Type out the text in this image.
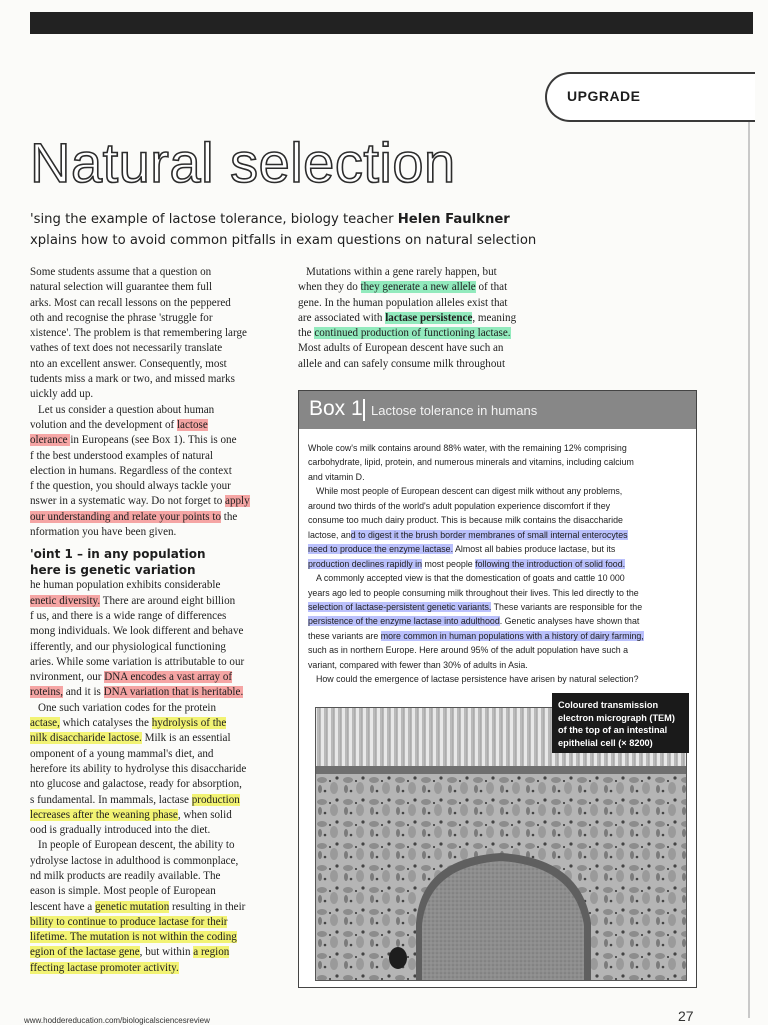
UPGRADE
Natural selection
'sing the example of lactose tolerance, biology teacher Helen Faulkner
xplains how to avoid common pitfalls in exam questions on natural selection

Some students assume that a question on

natural selection will guarantee them full

arks. Most can recall lessons on the peppered

oth and recognise the phrase 'struggle for

xistence'. The problem is that remembering large

vathes of text does not necessarily translate

nto an excellent answer. Consequently, most

tudents miss a mark or two, and missed marks

uickly add up.

Let us consider a question about human

volution and the development of lactose

olerance in Europeans (see Box 1). This is one

f the best understood examples of natural

election in humans. Regardless of the context

f the question, you should always tackle your

nswer in a systematic way. Do not forget to apply

our understanding and relate your points to the

nformation you have been given.

'oint 1 – in any population

here is genetic variation

he human population exhibits considerable

enetic diversity. There are around eight billion

f us, and there is a wide range of differences

mong individuals. We look different and behave

ifferently, and our physiological functioning

aries. While some variation is attributable to our

nvironment, our DNA encodes a vast array of

roteins, and it is DNA variation that is heritable.

One such variation codes for the protein

actase, which catalyses the hydrolysis of the

nilk disaccharide lactose. Milk is an essential

omponent of a young mammal's diet, and

herefore its ability to hydrolyse this disaccharide

nto glucose and galactose, ready for absorption,

s fundamental. In mammals, lactase production

lecreases after the weaning phase, when solid

ood is gradually introduced into the diet.

In people of European descent, the ability to

ydrolyse lactose in adulthood is commonplace,

nd milk products are readily available. The

eason is simple. Most people of European

lescent have a genetic mutation resulting in their

bility to continue to produce lactase for their

lifetime. The mutation is not within the coding

egion of the lactase gene, but within a region

ffecting lactase promoter activity.

Mutations within a gene rarely happen, but

when they do they generate a new allele of that

gene. In the human population alleles exist that

are associated with lactase persistence, meaning

the continued production of functioning lactase.

Most adults of European descent have such an

allele and can safely consume milk throughout

Box 1 Lactose tolerance in humans

Whole cow's milk contains around 88% water, with the remaining 12% comprising

carbohydrate, lipid, protein, and numerous minerals and vitamins, including calcium

and vitamin D.

While most people of European descent can digest milk without any problems,

around two thirds of the world's adult population experience discomfort if they

consume too much dairy product. This is because milk contains the disaccharide

lactose, and to digest it the brush border membranes of small internal enterocytes

need to produce the enzyme lactase. Almost all babies produce lactase, but its

production declines rapidly in most people following the introduction of solid food.

A commonly accepted view is that the domestication of goats and cattle 10 000

years ago led to people consuming milk throughout their lives. This led directly to the

selection of lactase-persistent genetic variants. These variants are responsible for the

persistence of the enzyme lactase into adulthood. Genetic analyses have shown that

these variants are more common in human populations with a history of dairy farming,

such as in northern Europe. Here around 95% of the adult population have such a

variant, compared with fewer than 30% of adults in Asia.

How could the emergence of lactase persistence have arisen by natural selection?

Coloured transmission
electron micrograph (TEM)
of the top of an intestinal
epithelial cell (× 8200)
www.hoddereducation.com/biologicalsciencesreview	27
